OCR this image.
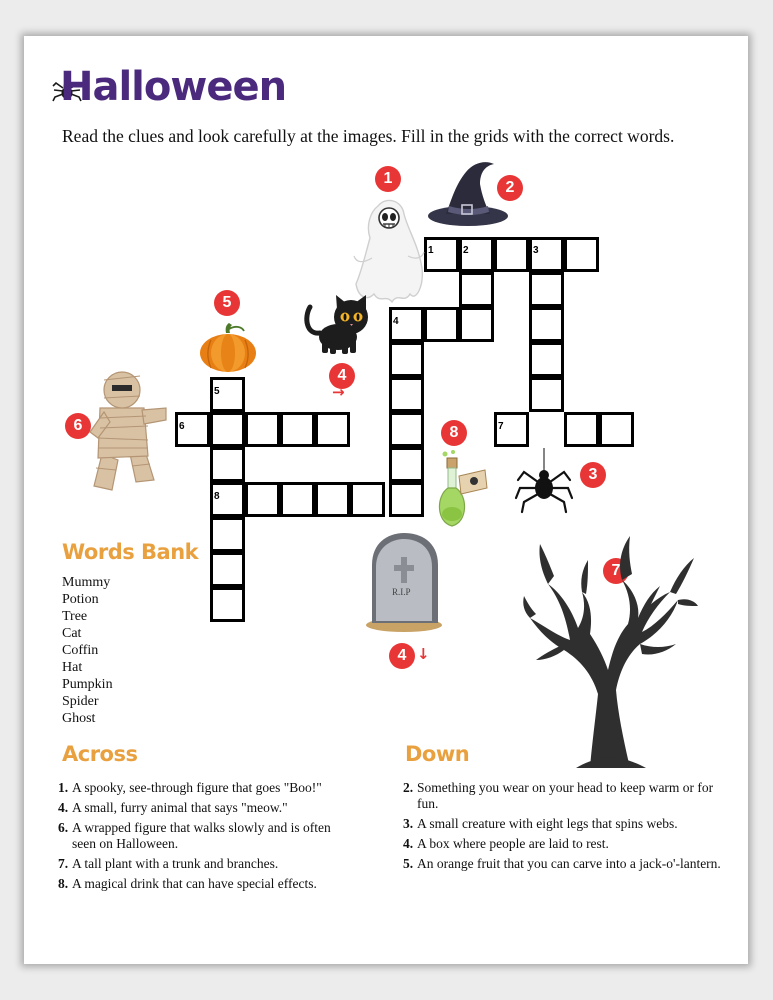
Halloween
Read the clues and look carefully at the images. Fill in the grids with the correct words.
1	2	3
4
5
6	7
8
1
2
3
4
5
6
7
8
4
→
↓
R.I.P
Words Bank
Mummy
Potion
Tree
Cat
Coffin
Hat
Pumpkin
Spider
Ghost
Across
1. A spooky, see-through figure that goes "Boo!"
4. A small, furry animal that says "meow."
6. A wrapped figure that walks slowly and is often seen on Halloween.
7. A tall plant with a trunk and branches.
8. A magical drink that can have special effects.
Down
2. Something you wear on your head to keep warm or for fun.
3. A small creature with eight legs that spins webs.
4. A box where people are laid to rest.
5. An orange fruit that you can carve into a jack-o'-lantern.
